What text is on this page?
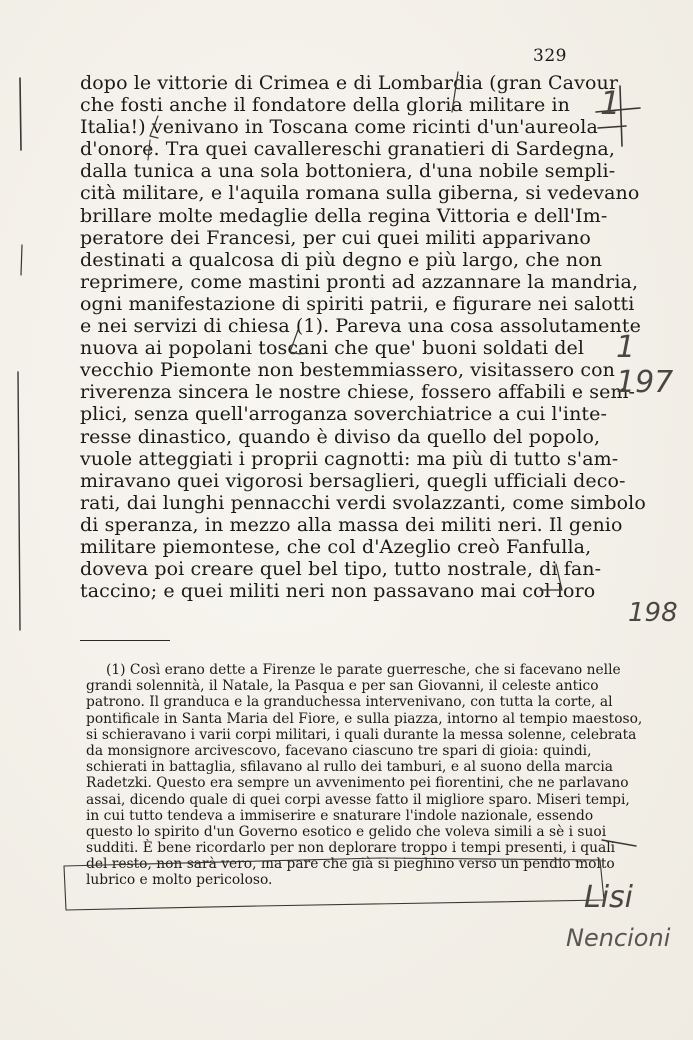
329
dopo le vittorie di Crimea e di Lombardia (gran Cavour
che fosti anche il fondatore della gloria militare in
Italia!) venivano in Toscana come ricinti d'un'aureola
d'onore. Tra quei cavallereschi granatieri di Sardegna,
dalla tunica a una sola bottoniera, d'una nobile sempli-
cità militare, e l'aquila romana sulla giberna, si vedevano
brillare molte medaglie della regina Vittoria e dell'Im-
peratore dei Francesi, per cui quei militi apparivano
destinati a qualcosa di più degno e più largo, che non
reprimere, come mastini pronti ad azzannare la mandria,
ogni manifestazione di spiriti patrii, e figurare nei salotti
e nei servizi di chiesa (1). Pareva una cosa assolutamente
nuova ai popolani toscani che que' buoni soldati del
vecchio Piemonte non bestemmiassero, visitassero con
riverenza sincera le nostre chiese, fossero affabili e sem-
plici, senza quell'arroganza soverchiatrice a cui l'inte-
resse dinastico, quando è diviso da quello del popolo,
vuole atteggiati i proprii cagnotti: ma più di tutto s'am-
miravano quei vigorosi bersaglieri, quegli ufficiali deco-
rati, dai lunghi pennacchi verdi svolazzanti, come simbolo
di speranza, in mezzo alla massa dei militi neri. Il genio
militare piemontese, che col d'Azeglio creò Fanfulla,
doveva poi creare quel bel tipo, tutto nostrale, di fan-
taccino; e quei militi neri non passavano mai col loro
(1) Così erano dette a Firenze le parate guerresche, che si facevano nelle
grandi solennità, il Natale, la Pasqua e per san Giovanni, il celeste antico
patrono. Il granduca e la granduchessa intervenivano, con tutta la corte, al
pontificale in Santa Maria del Fiore, e sulla piazza, intorno al tempio maestoso,
si schieravano i varii corpi militari, i quali durante la messa solenne, celebrata
da monsignore arcivescovo, facevano ciascuno tre spari di gioia: quindi,
schierati in battaglia, sfilavano al rullo dei tamburi, e al suono della marcia
Radetzki. Questo era sempre un avvenimento pei fiorentini, che ne parlavano
assai, dicendo quale di quei corpi avesse fatto il migliore sparo. Miseri tempi,
in cui tutto tendeva a immiserire e snaturare l'indole nazionale, essendo
questo lo spirito d'un Governo esotico e gelido che voleva simili a sè i suoi
sudditi. È bene ricordarlo per non deplorare troppo i tempi presenti, i quali
del resto, non sarà vero, ma pare che già si pieghino verso un pendio molto
lubrico e molto pericoloso.
1
1 197
198
Lisi
Nencioni
